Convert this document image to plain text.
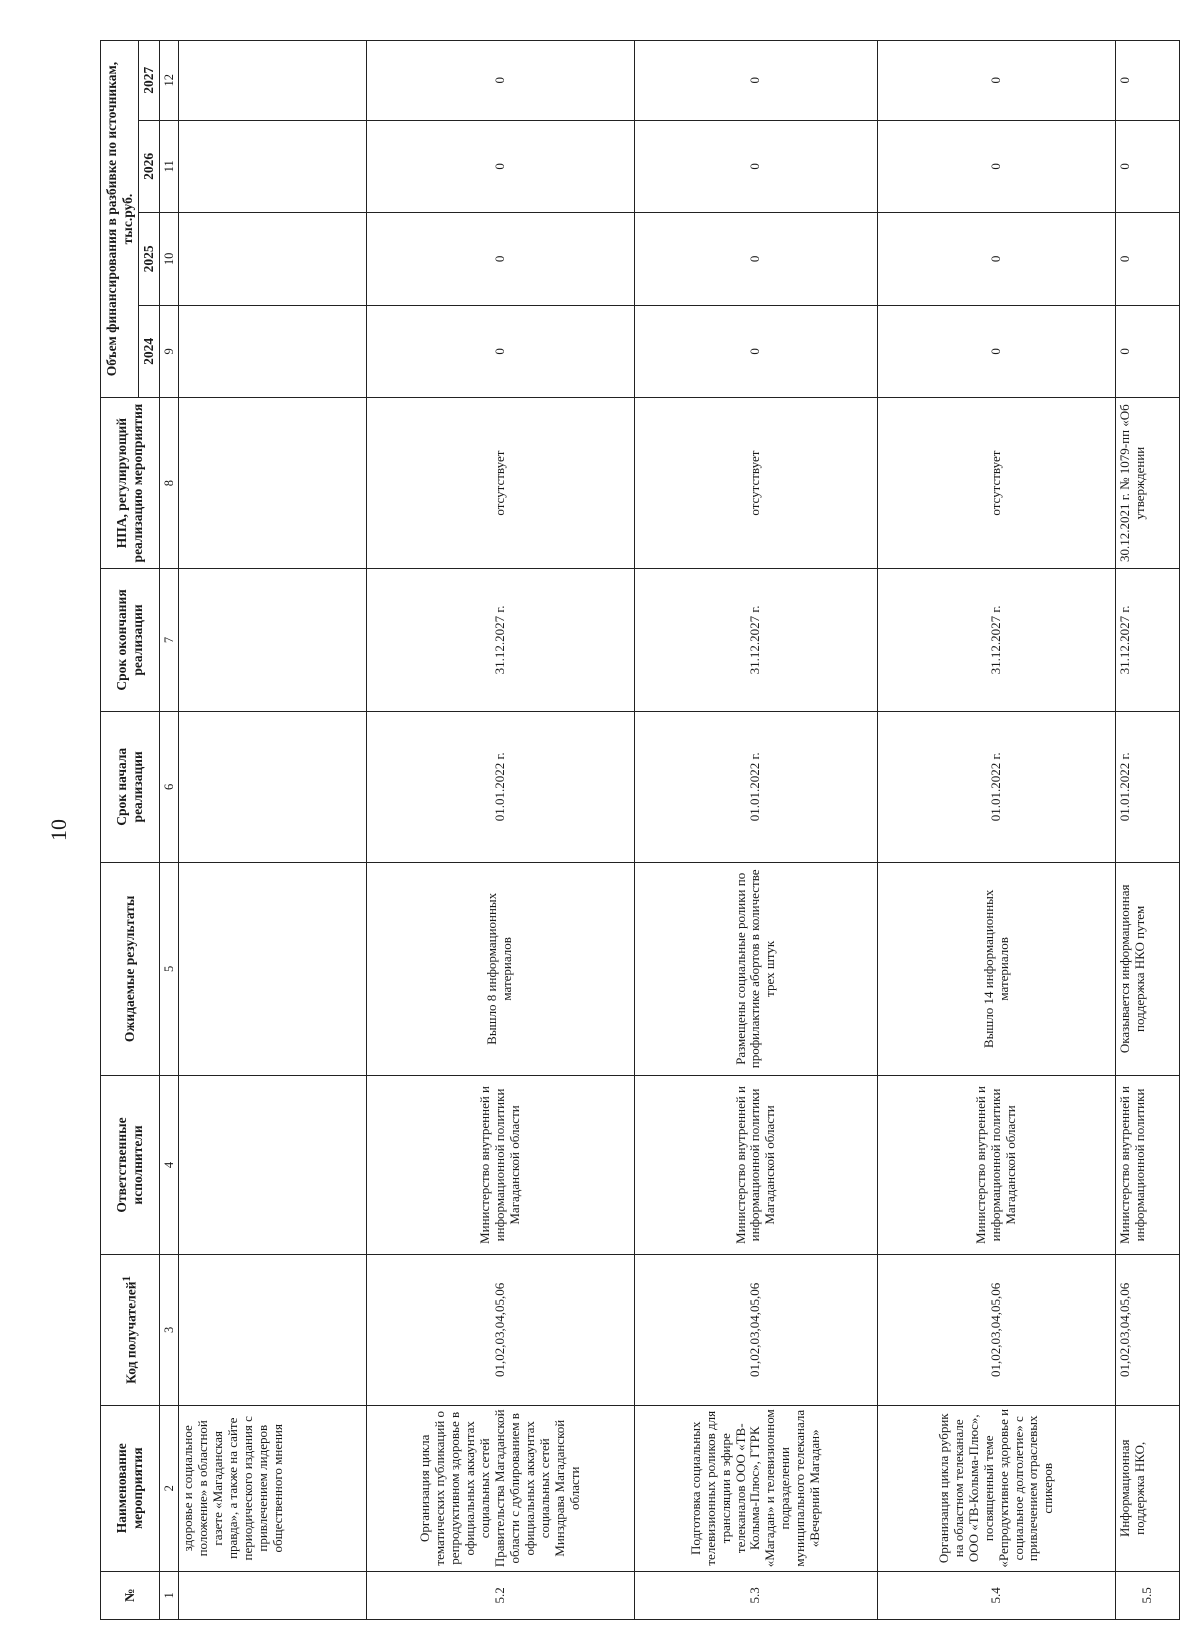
10
№	Наименование мероприятия	Код получателей$^1$	Ответственные исполнители	Ожидаемые результаты	Срок начала реализации	Срок окончания реализации	НПА, регулирующий реализацию мероприятия	Объем финансирования в разбивке по источникам, тыс.руб.			
								2024	2025	2026	2027
1	2	3	4	5	6	7	8	9	10	11	12
	здоровье и социальное положение» в областной газете «Магаданская правда», а также на сайте периодического издания с привлечением лидеров общественного мнения										
5.2	Организация цикла тематических публикаций о репродуктивном здоровье в официальных аккаунтах социальных сетей Правительства Магаданской области с дублированием в официальных аккаунтах социальных сетей Минздрава Магаданской области	01,02,03,04,05,06	Министерство внутренней и информационной политики Магаданской области	Вышло 8 информационных материалов	01.01.2022 г.	31.12.2027 г.	отсутствует	0	0	0	0
5.3	Подготовка социальных телевизионных роликов для трансляции в эфире телеканалов ООО «ТВ-Колыма-Плюс», ГТРК «Магадан» и телевизионном подразделении муниципального телеканала «Вечерний Магадан»	01,02,03,04,05,06	Министерство внутренней и информационной политики Магаданской области	Размещены социальные ролики по профилактике абортов в количестве трех штук	01.01.2022 г.	31.12.2027 г.	отсутствует	0	0	0	0
5.4	Организация цикла рубрик на областном телеканале ООО «ТВ-Колыма-Плюс», посвященный теме «Репродуктивное здоровье и социальное долголетие» с привлечением отраслевых спикеров	01,02,03,04,05,06	Министерство внутренней и информационной политики Магаданской области	Вышло 14 информационных материалов	01.01.2022 г.	31.12.2027 г.	отсутствует	0	0	0	0
5.5	Информационная поддержка НКО,	01,02,03,04,05,06	Министерство внутренней и информационной политики	Оказывается информационная поддержка НКО путем	01.01.2022 г.	31.12.2027 г.	30.12.2021 г. № 1079-пп «Об утверждении	0	0	0	0
